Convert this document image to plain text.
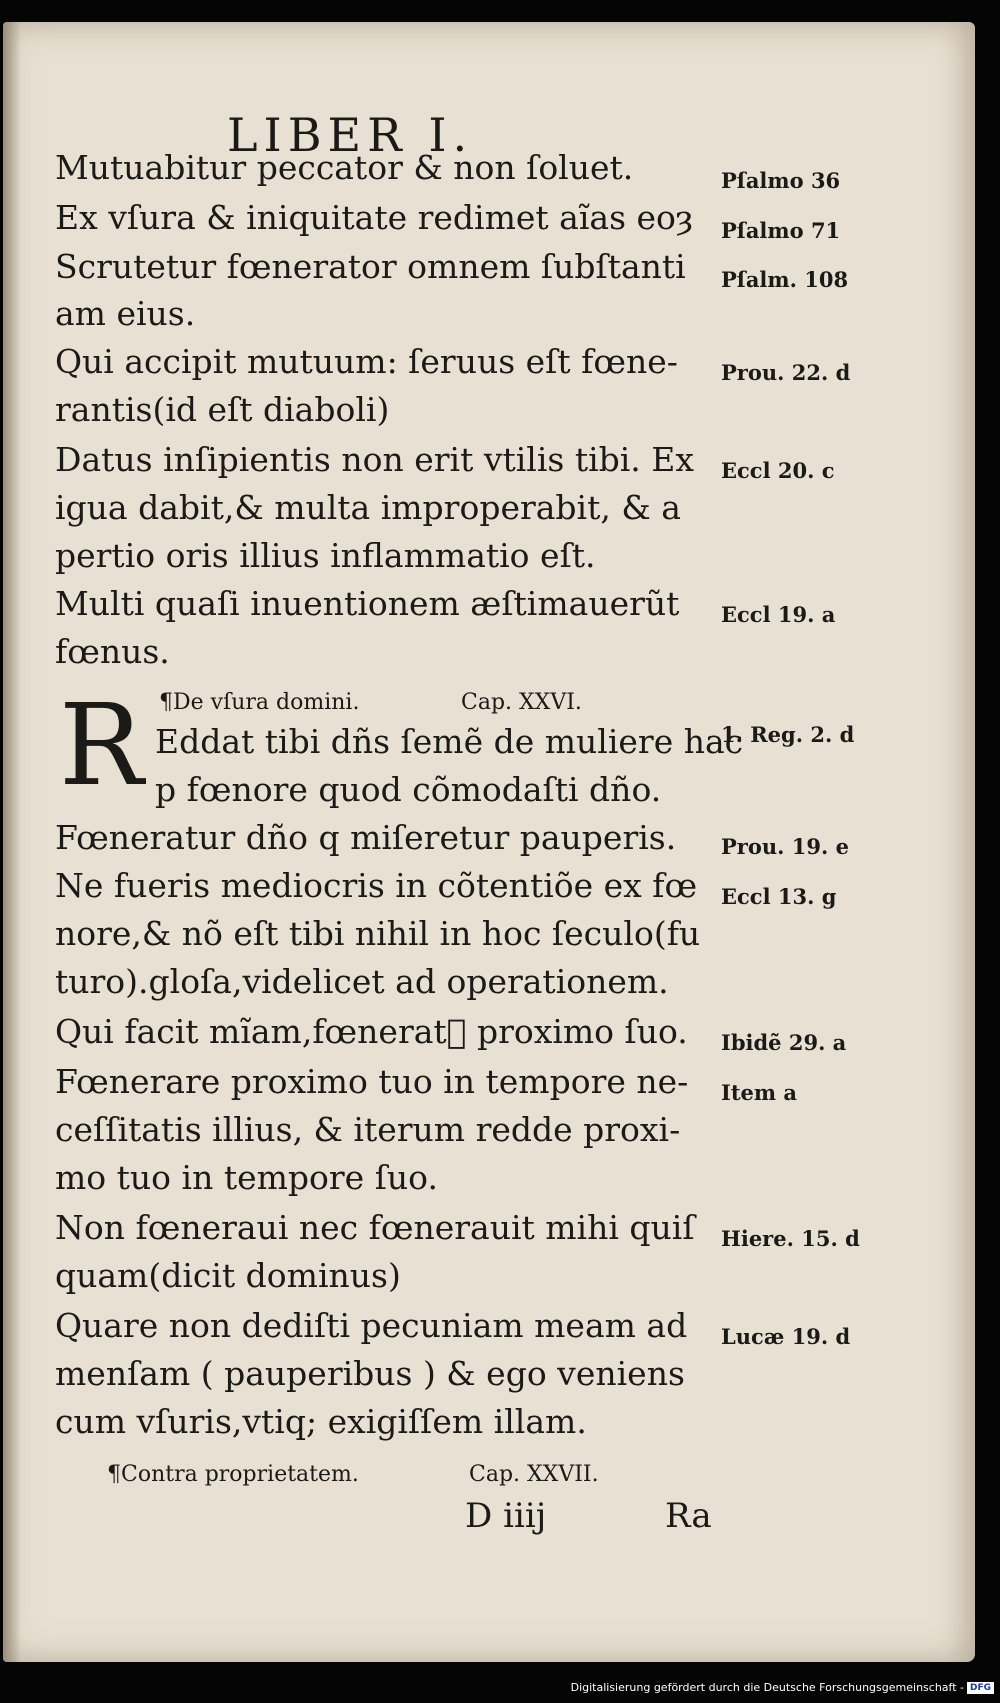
LIBER I.
Mutuabitur peccator & non ſoluet.
Ex vſura & iniquitate redimet aĩas eoȝ
Scrutetur fœnerator omnem ſubſtanti
am eius.
Qui accipit mutuum: ſeruus eſt fœne-
rantis(id eſt diaboli)
Datus inſipientis non erit vtilis tibi. Ex
igua dabit,& multa improperabit, & a
pertio oris illius inflammatio eſt.
Multi quaſi inuentionem æſtimauerũt
fœnus.
¶De vſura domini.	Cap. XXVI.
R Eddat tibi dñs ſemẽ de muliere hac
p fœnore quod cõmodaſti dño.
Fœneratur dño q miſeretur pauperis.
Ne fueris mediocris in cõtentiõe ex fœ
nore,& nõ eſt tibi nihil in hoc ſeculo(fu
turo).gloſa,videlicet ad operationem.
Qui facit mĩam,fœneratᷓ proximo ſuo.
Fœnerare proximo tuo in tempore ne-
ceſſitatis illius, & iterum redde proxi-
mo tuo in tempore ſuo.
Non fœneraui nec fœnerauit mihi quiſ
quam(dicit dominus)
Quare non dediſti pecuniam meam ad
menſam ( pauperibus ) & ego veniens
cum vſuris,vtiq; exigiſſem illam.
¶Contra proprietatem.	Cap. XXVII.
D iiij	Ra
Pſalmo 36
Pſalmo 71
Pſalm. 108
Prou. 22. d
Eccl 20. c
Eccl 19. a
1. Reg. 2. d
Prou. 19. e
Eccl 13. g
Ibidẽ 29. a
Item a
Hiere. 15. d
Lucæ 19. d
Digitalisierung gefördert durch die Deutsche Forschungsgemeinschaft - DFG
